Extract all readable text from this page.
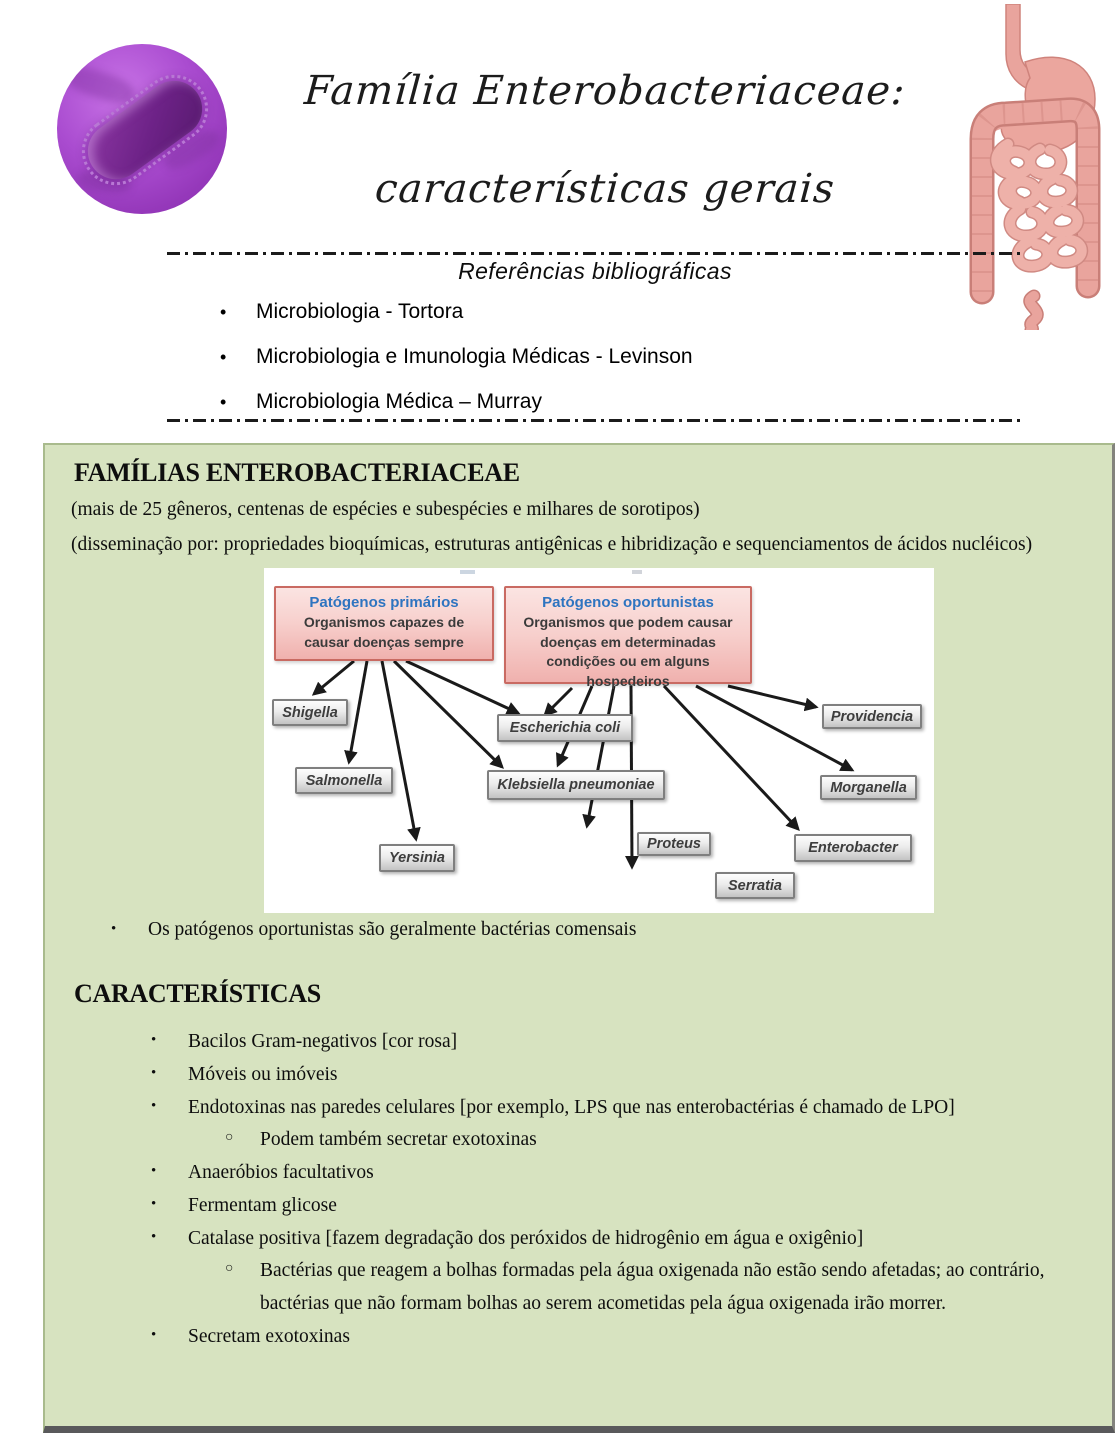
Família Enterobacteriaceae:
características gerais
Referências bibliográficas
•	Microbiologia - Tortora
•	Microbiologia e Imunologia Médicas - Levinson
•	Microbiologia Médica – Murray
FAMÍLIAS ENTEROBACTERIACEAE
(mais de 25 gêneros, centenas de espécies e subespécies e milhares de sorotipos)
(disseminação por: propriedades bioquímicas, estruturas antigênicas e hibridização e sequenciamentos de ácidos nucléicos)
Patógenos primários
Organismos capazes de causar doenças sempre
Patógenos oportunistas
Organismos que podem causar doenças em determinadas condições ou em alguns hospedeiros
Shigella
Salmonella
Yersinia
Escherichia coli
Klebsiella pneumoniae
Proteus
Serratia
Enterobacter
Morganella
Providencia
•	Os patógenos oportunistas são geralmente bactérias comensais
CARACTERÍSTICAS
•	Bacilos Gram-negativos [cor rosa]
•	Móveis ou imóveis
•	Endotoxinas nas paredes celulares [por exemplo, LPS que nas enterobactérias é chamado de LPO]
○	Podem também secretar exotoxinas
•	Anaeróbios facultativos
•	Fermentam glicose
•	Catalase positiva [fazem degradação dos peróxidos de hidrogênio em água e oxigênio]
○	Bactérias que reagem a bolhas formadas pela água oxigenada não estão sendo afetadas; ao contrário, bactérias que não formam bolhas ao serem acometidas pela água oxigenada irão morrer.
•	Secretam exotoxinas
